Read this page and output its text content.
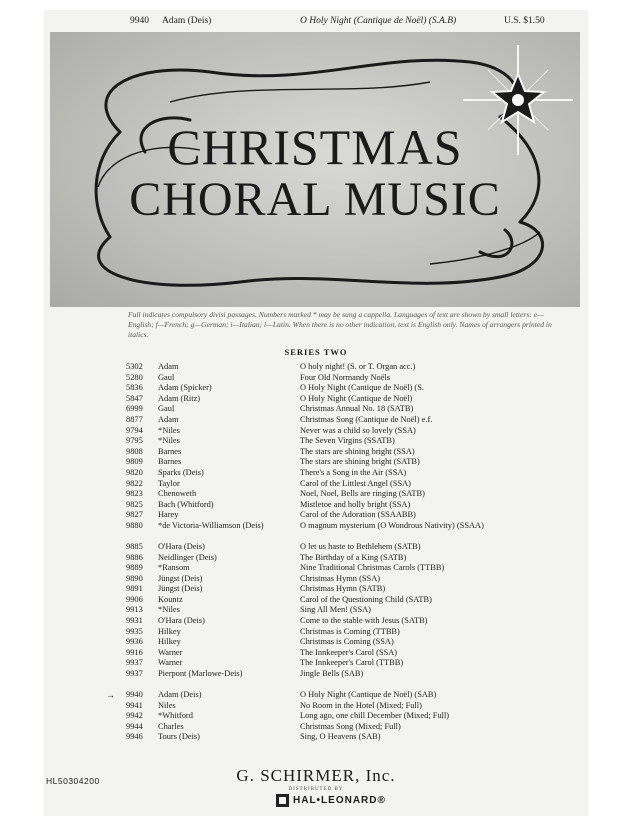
9940 Adam (Deis)	O Holy Night (Cantique de Noël) (S.A.B)	U.S. $1.50
CHRISTMAS
CHORAL MUSIC
Full indicates compulsory divisi passages. Numbers marked * may be sung a cappella. Languages of text are shown by small letters: e—English; f—French; g—German; i—Italian; l—Latin. When there is no other indication, text is English only. Names of arrangers printed in italics.
SERIES TWO
5302	Adam	O holy night! (S. or T. Organ acc.)
5280	Gaul	Four Old Normandy Noëls
5836	Adam (Spicker)	O Holy Night (Cantique de Noël) (S.
5847	Adam (Ritz)	O Holy Night (Cantique de Noël)
6999	Gaul	Christmas Annual No. 18 (SATB)
8877	Adam	Christmas Song (Cantique de Noël) e.f.
9794	*Niles	Never was a child so lovely (SSA)
9795	*Niles	The Seven Virgins (SSATB)
9808	Barnes	The stars are shining bright (SSA)
9809	Barnes	The stars are shining bright (SATB)
9820	Sparks (Deis)	There's a Song in the Air (SSA)
9822	Taylor	Carol of the Littlest Angel (SSA)
9823	Chenoweth	Noel, Noel, Bells are ringing (SATB)
9825	Bach (Whitford)	Mistletoe and holly bright (SSA)
9827	Harey	Carol of the Adoration (SSAABB)
9880	*de Victoria-Williamson (Deis)	O magnum mysterium (O Wondrous Nativity) (SSAA)
9885	O'Hara (Deis)	O let us haste to Bethlehem (SATB)
9886	Neidlinger (Deis)	The Birthday of a King (SATB)
9889	*Ransom	Nine Traditional Christmas Carols (TTBB)
9890	Jüngst (Deis)	Christmas Hymn (SSA)
9891	Jüngst (Deis)	Christmas Hymn (SATB)
9906	Kountz	Carol of the Questioning Child (SATB)
9913	*Niles	Sing All Men! (SSA)
9931	O'Hara (Deis)	Come to the stable with Jesus (SATB)
9935	Hilkey	Christmas is Coming (TTBB)
9936	Hilkey	Christmas is Coming (SSA)
9916	Warner	The Innkeeper's Carol (SSA)
9937	Warner	The Innkeeper's Carol (TTBB)
9937	Pierpont (Marlowe-Deis)	Jingle Bells (SAB)
→ 9940	Adam (Deis)	O Holy Night (Cantique de Noël) (SAB)
9941	Niles	No Room in the Hotel (Mixed; Full)
9942	*Whitford	Long ago, one chill December (Mixed; Full)
9944	Charles	Christmas Song (Mixed; Full)
9946	Tours (Deis)	Sing, O Heavens (SAB)
HL50304200	G. SCHIRMER, Inc.
DISTRIBUTED BY
HAL•LEONARD®
